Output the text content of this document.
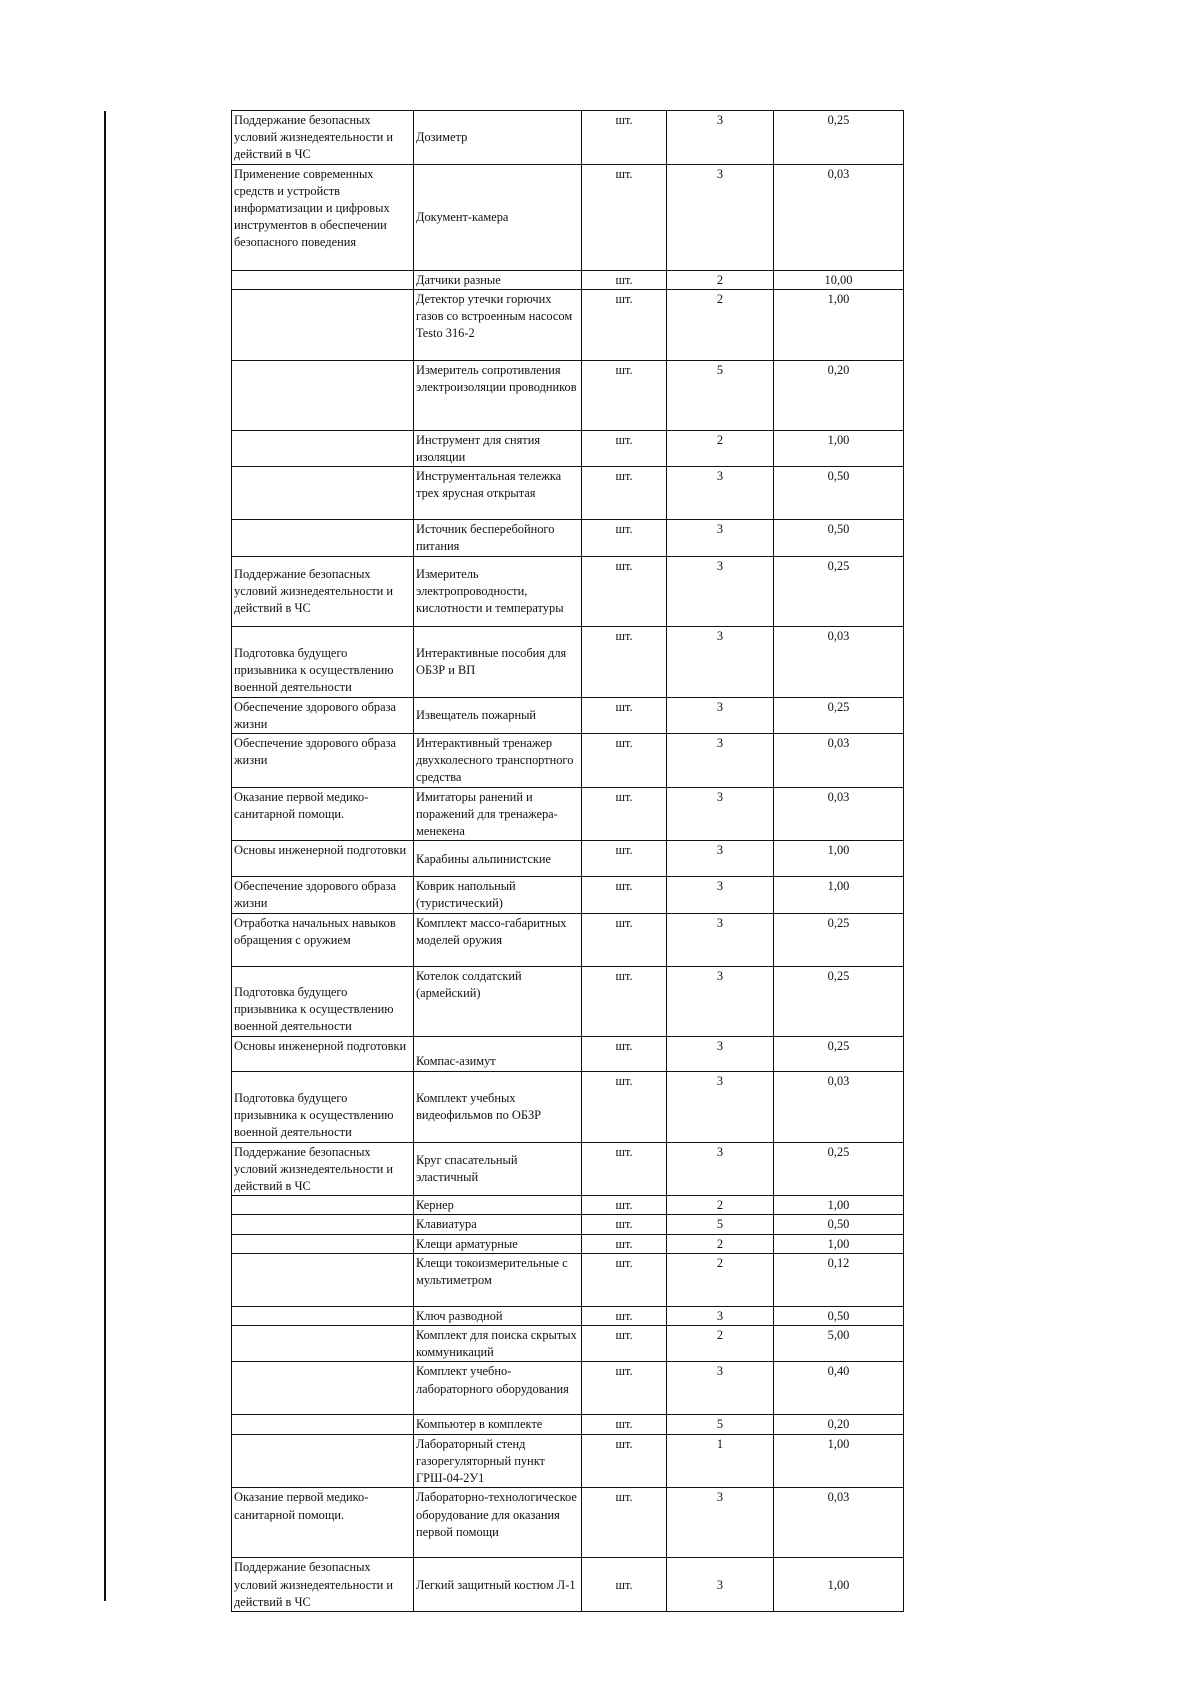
Поддержание безопасных условий жизнедеятельности и действий в ЧС	Дозиметр	шт.	3	0,25
Применение современных средств и устройств информатизации и цифровых инструментов в обеспечении безопасного поведения	Документ-камера	шт.	3	0,03
	Датчики разные	шт.	2	10,00
	Детектор утечки горючих газов со встроенным насосом Testo 316-2	шт.	2	1,00
	Измеритель сопротивления электроизоляции проводников	шт.	5	0,20
	Инструмент для снятия изоляции	шт.	2	1,00
	Инструментальная тележка трех ярусная открытая	шт.	3	0,50
	Источник бесперебойного питания	шт.	3	0,50
Поддержание безопасных условий жизнедеятельности и действий в ЧС	Измеритель электропроводности, кислотности и температуры	шт.	3	0,25
Подготовка будущего призывника к осуществлению военной деятельности	Интерактивные пособия для ОБЗР и ВП	шт.	3	0,03
Обеспечение здорового образа жизни	Извещатель пожарный	шт.	3	0,25
Обеспечение здорового образа жизни	Интерактивный тренажер двухколесного транспортного средства	шт.	3	0,03
Оказание первой медико-санитарной помощи.	Имитаторы ранений и поражений для тренажера-менекена	шт.	3	0,03
Основы инженерной подготовки	Карабины альпинистские	шт.	3	1,00
Обеспечение здорового образа жизни	Коврик напольный (туристический)	шт.	3	1,00
Отработка начальных навыков обращения с оружием	Комплект массо-габаритных моделей оружия	шт.	3	0,25
Подготовка будущего призывника к осуществлению военной деятельности	Котелок солдатский (армейский)	шт.	3	0,25
Основы инженерной подготовки	Компас-азимут	шт.	3	0,25
Подготовка будущего призывника к осуществлению военной деятельности	Комплект учебных видеофильмов по ОБЗР	шт.	3	0,03
Поддержание безопасных условий жизнедеятельности и действий в ЧС	Круг спасательный эластичный	шт.	3	0,25
	Кернер	шт.	2	1,00
	Клавиатура	шт.	5	0,50
	Клещи арматурные	шт.	2	1,00
	Клещи токоизмерительные с мультиметром	шт.	2	0,12
	Ключ разводной	шт.	3	0,50
	Комплект для поиска скрытых коммуникаций	шт.	2	5,00
	Комплект учебно-лабораторного оборудования	шт.	3	0,40
	Компьютер в комплекте	шт.	5	0,20
	Лабораторный стенд газорегуляторный пункт ГРШ-04-2У1	шт.	1	1,00
Оказание первой медико-санитарной помощи.	Лабораторно-технологическое оборудование для оказания первой помощи	шт.	3	0,03
Поддержание безопасных условий жизнедеятельности и действий в ЧС	Легкий защитный костюм Л-1	шт.	3	1,00
